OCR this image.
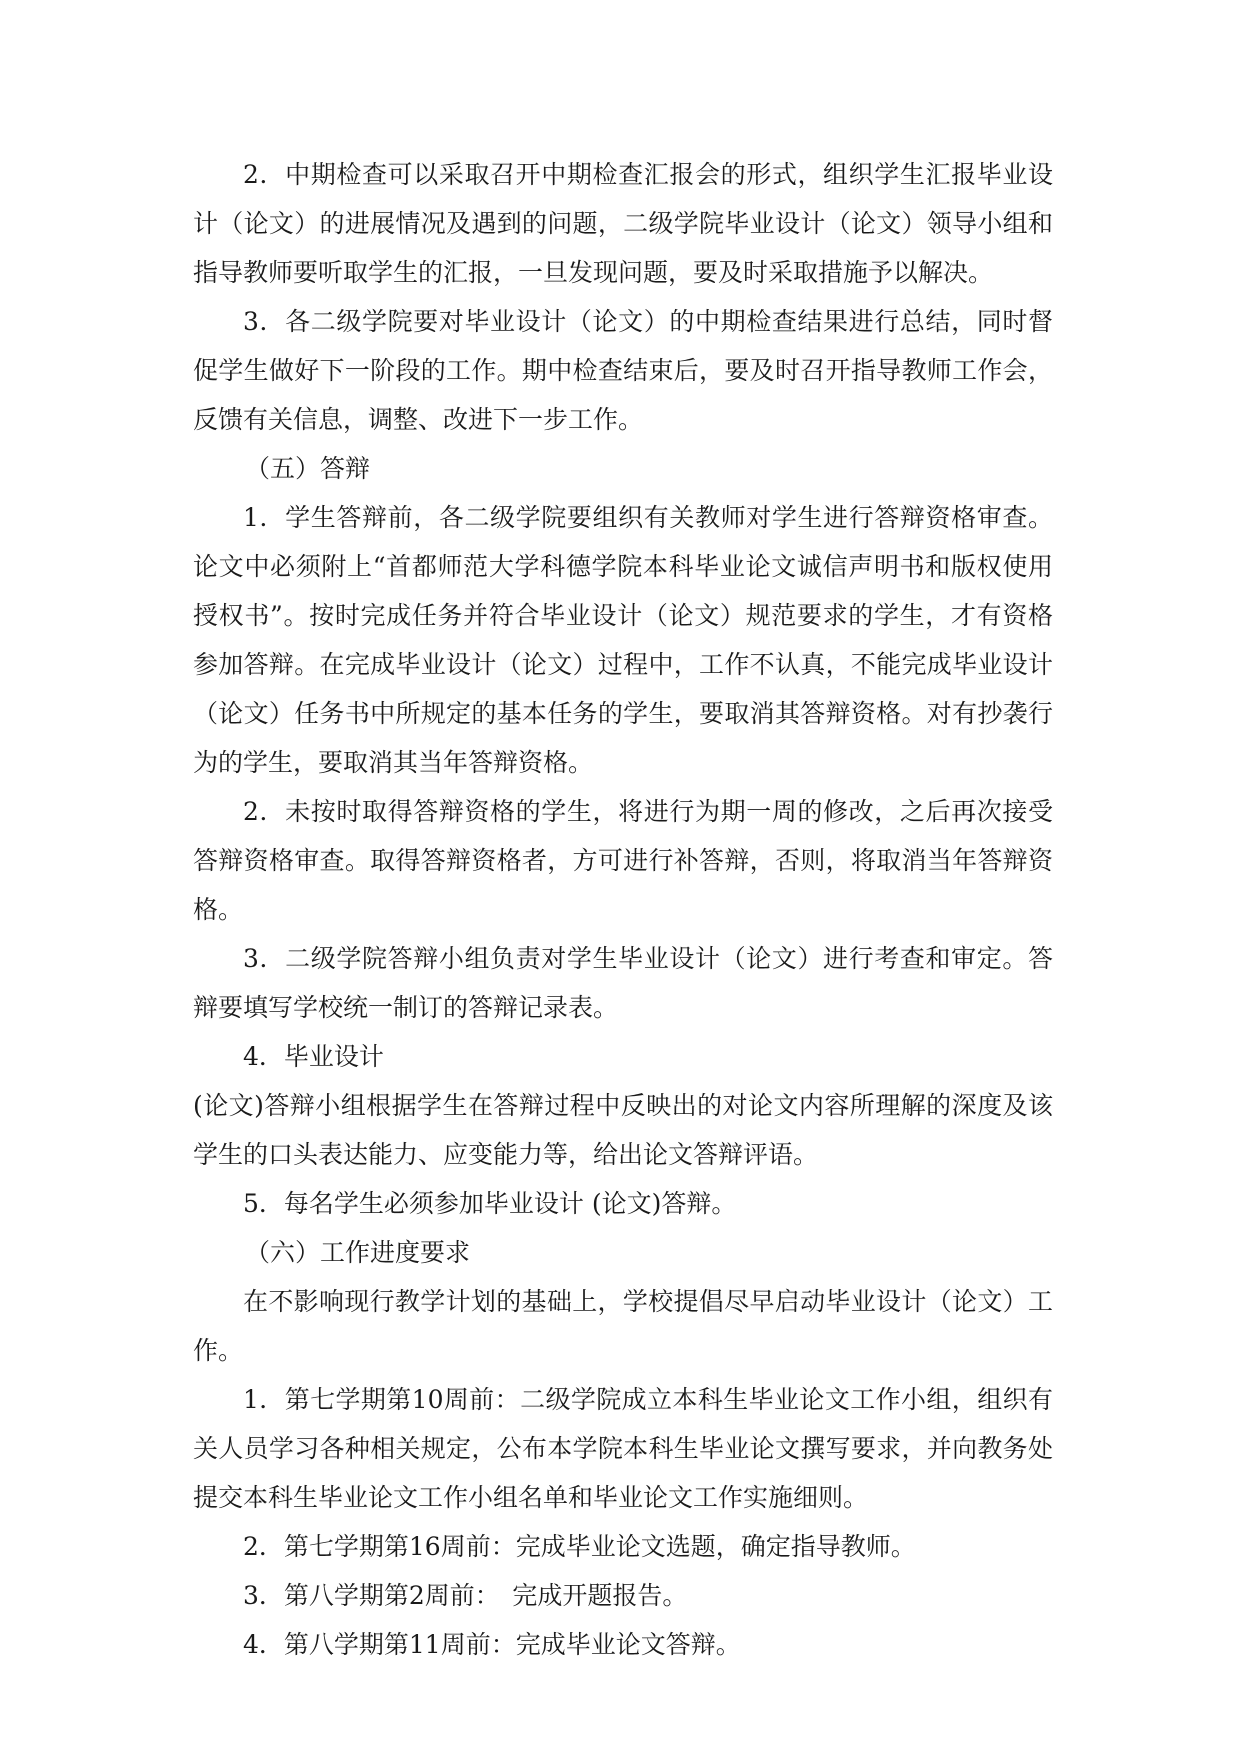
2．中期检查可以采取召开中期检查汇报会的形式，组织学生汇报毕业设计（论文）的进展情况及遇到的问题，二级学院毕业设计（论文）领导小组和指导教师要听取学生的汇报，一旦发现问题，要及时采取措施予以解决。

3．各二级学院要对毕业设计（论文）的中期检查结果进行总结，同时督促学生做好下一阶段的工作。期中检查结束后，要及时召开指导教师工作会，反馈有关信息，调整、改进下一步工作。

（五）答辩

1．学生答辩前，各二级学院要组织有关教师对学生进行答辩资格审查。论文中必须附上“首都师范大学科德学院本科毕业论文诚信声明书和版权使用授权书”。按时完成任务并符合毕业设计（论文）规范要求的学生，才有资格参加答辩。在完成毕业设计（论文）过程中，工作不认真，不能完成毕业设计（论文）任务书中所规定的基本任务的学生，要取消其答辩资格。对有抄袭行为的学生，要取消其当年答辩资格。

2．未按时取得答辩资格的学生，将进行为期一周的修改，之后再次接受答辩资格审查。取得答辩资格者，方可进行补答辩，否则，将取消当年答辩资格。

3．二级学院答辩小组负责对学生毕业设计（论文）进行考查和审定。答辩要填写学校统一制订的答辩记录表。

4．毕业设计

(论文)答辩小组根据学生在答辩过程中反映出的对论文内容所理解的深度及该学生的口头表达能力、应变能力等，给出论文答辩评语。

5．每名学生必须参加毕业设计 (论文)答辩。

（六）工作进度要求

在不影响现行教学计划的基础上，学校提倡尽早启动毕业设计（论文）工作。

1．第七学期第10周前：二级学院成立本科生毕业论文工作小组，组织有关人员学习各种相关规定，公布本学院本科生毕业论文撰写要求，并向教务处提交本科生毕业论文工作小组名单和毕业论文工作实施细则。

2．第七学期第16周前：完成毕业论文选题，确定指导教师。

3．第八学期第2周前：　完成开题报告。

4．第八学期第11周前：完成毕业论文答辩。
